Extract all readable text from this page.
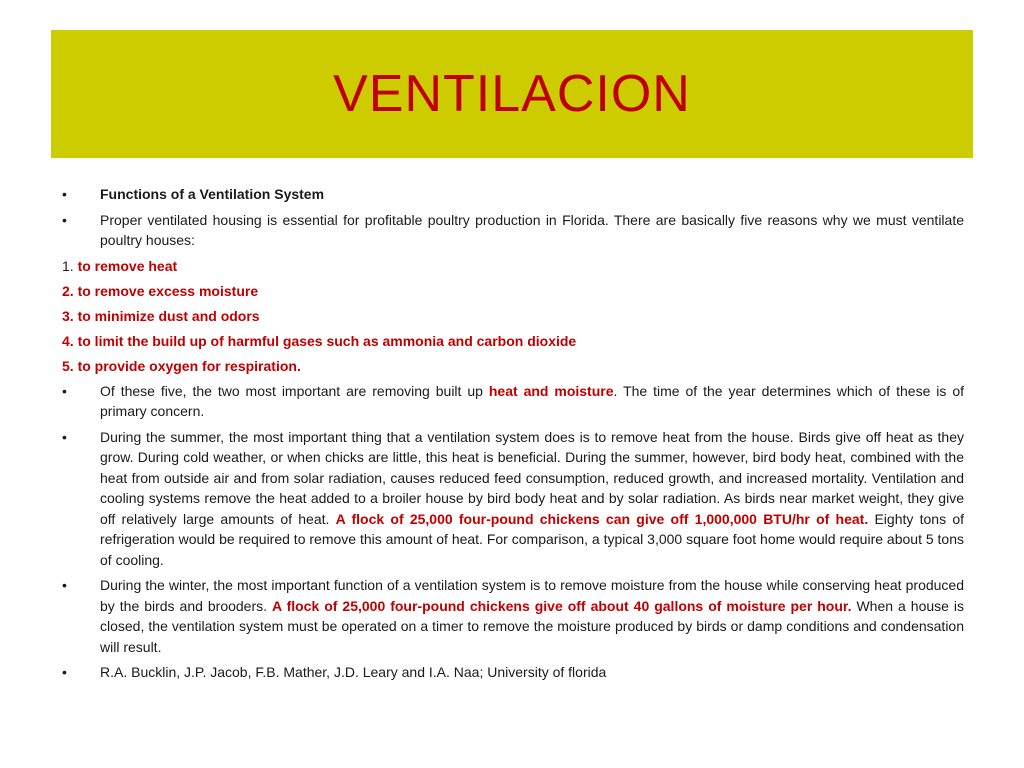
VENTILACION
• Functions of a Ventilation System
• Proper ventilated housing is essential for profitable poultry production in Florida. There are basically five reasons why we must ventilate poultry houses:
1. to remove heat
2. to remove excess moisture
3. to minimize dust and odors
4. to limit the build up of harmful gases such as ammonia and carbon dioxide
5. to provide oxygen for respiration.
• Of these five, the two most important are removing built up heat and moisture. The time of the year determines which of these is of primary concern.
• During the summer, the most important thing that a ventilation system does is to remove heat from the house. Birds give off heat as they grow. During cold weather, or when chicks are little, this heat is beneficial. During the summer, however, bird body heat, combined with the heat from outside air and from solar radiation, causes reduced feed consumption, reduced growth, and increased mortality. Ventilation and cooling systems remove the heat added to a broiler house by bird body heat and by solar radiation. As birds near market weight, they give off relatively large amounts of heat. A flock of 25,000 four-pound chickens can give off 1,000,000 BTU/hr of heat. Eighty tons of refrigeration would be required to remove this amount of heat. For comparison, a typical 3,000 square foot home would require about 5 tons of cooling.
• During the winter, the most important function of a ventilation system is to remove moisture from the house while conserving heat produced by the birds and brooders. A flock of 25,000 four-pound chickens give off about 40 gallons of moisture per hour. When a house is closed, the ventilation system must be operated on a timer to remove the moisture produced by birds or damp conditions and condensation will result.
• R.A. Bucklin, J.P. Jacob, F.B. Mather, J.D. Leary and I.A. Naa; University of florida
